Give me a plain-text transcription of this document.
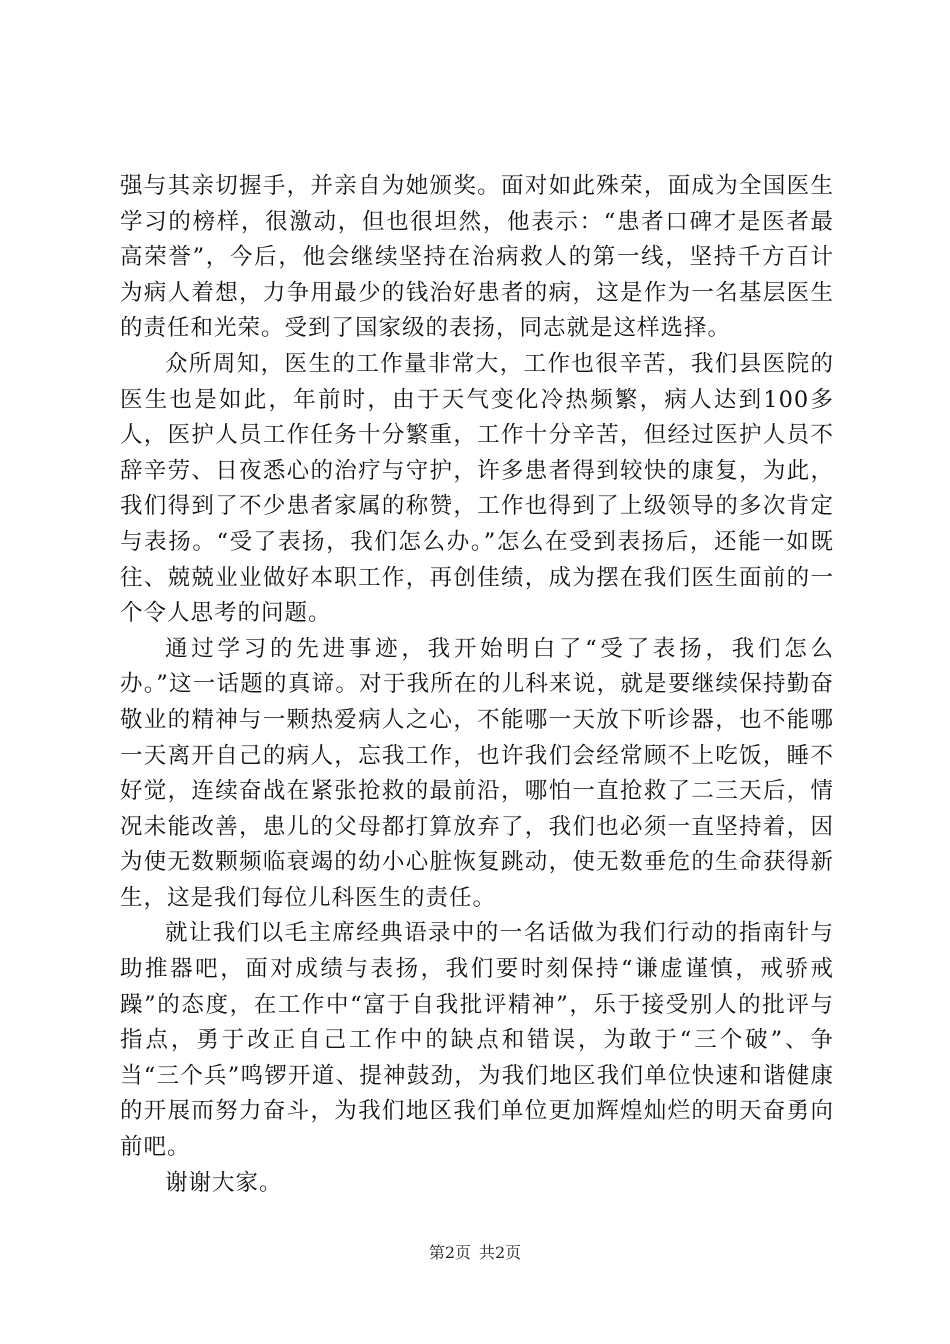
强与其亲切握手，并亲自为她颁奖。面对如此殊荣，面成为全国医生学习的榜样，很激动，但也很坦然，他表示：“患者口碑才是医者最高荣誉”，今后，他会继续坚持在治病救人的第一线，坚持千方百计为病人着想，力争用最少的钱治好患者的病，这是作为一名基层医生的责任和光荣。受到了国家级的表扬，同志就是这样选择。

众所周知，医生的工作量非常大，工作也很辛苦，我们县医院的医生也是如此，年前时，由于天气变化冷热频繁，病人达到100多人，医护人员工作任务十分繁重，工作十分辛苦，但经过医护人员不辞辛劳、日夜悉心的治疗与守护，许多患者得到较快的康复，为此，我们得到了不少患者家属的称赞，工作也得到了上级领导的多次肯定与表扬。“受了表扬，我们怎么办。”怎么在受到表扬后，还能一如既往、兢兢业业做好本职工作，再创佳绩，成为摆在我们医生面前的一个令人思考的问题。

通过学习的先进事迹，我开始明白了“受了表扬，我们怎么办。”这一话题的真谛。对于我所在的儿科来说，就是要继续保持勤奋敬业的精神与一颗热爱病人之心，不能哪一天放下听诊器，也不能哪一天离开自己的病人，忘我工作，也许我们会经常顾不上吃饭，睡不好觉，连续奋战在紧张抢救的最前沿，哪怕一直抢救了二三天后，情况未能改善，患儿的父母都打算放弃了，我们也必须一直坚持着，因为使无数颗频临衰竭的幼小心脏恢复跳动，使无数垂危的生命获得新生，这是我们每位儿科医生的责任。

就让我们以毛主席经典语录中的一名话做为我们行动的指南针与助推器吧，面对成绩与表扬，我们要时刻保持“谦虚谨慎，戒骄戒躁”的态度，在工作中“富于自我批评精神”，乐于接受别人的批评与指点，勇于改正自己工作中的缺点和错误，为敢于“三个破”、争当“三个兵”鸣锣开道、提神鼓劲，为我们地区我们单位快速和谐健康的开展而努力奋斗，为我们地区我们单位更加辉煌灿烂的明天奋勇向前吧。

谢谢大家。

第2页 共2页
